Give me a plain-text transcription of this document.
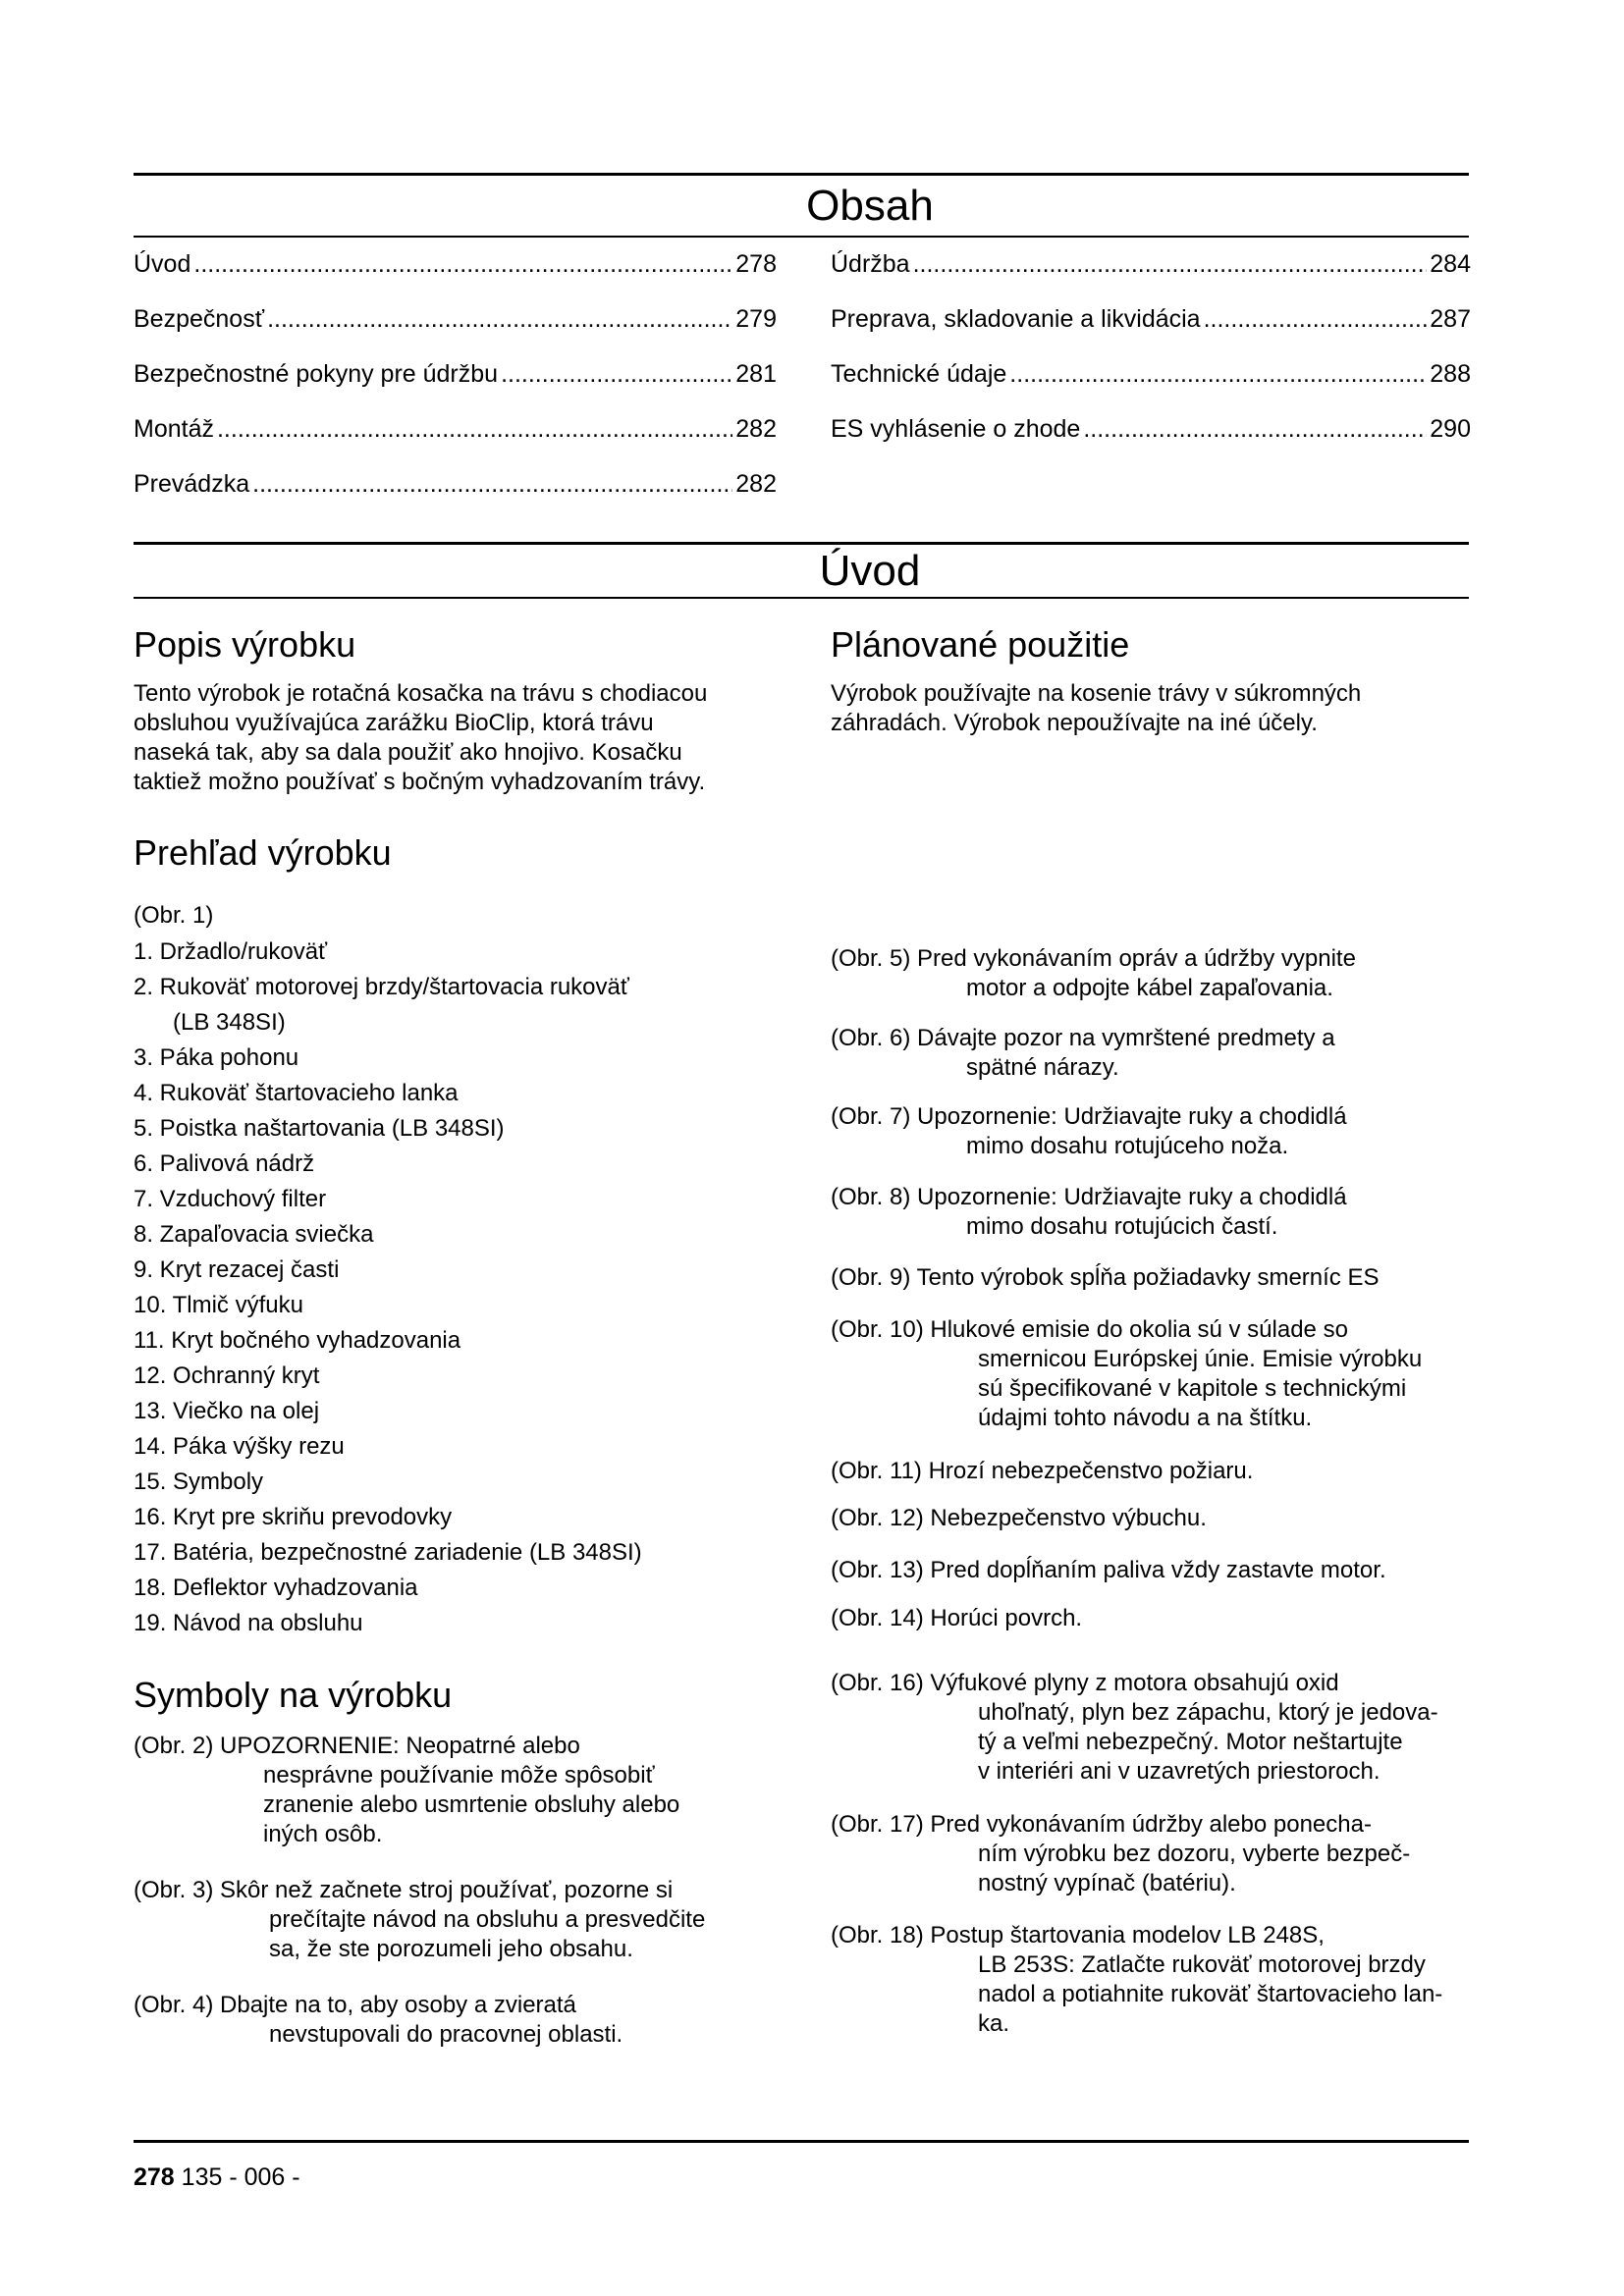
Obsah
Úvod .....	278
Bezpečnosť .....	279
Bezpečnostné pokyny pre údržbu .....	281
Montáž .....	282
Prevádzka .....	282
Údržba .....	284
Preprava, skladovanie a likvidácia .....	287
Technické údaje .....	288
ES vyhlásenie o zhode .....	290
Úvod
Popis výrobku
Tento výrobok je rotačná kosačka na trávu s chodiacou
obsluhou využívajúca zarážku BioClip, ktorá trávu
naseká tak, aby sa dala použiť ako hnojivo. Kosačku
taktiež možno používať s bočným vyhadzovaním trávy.
Plánované použitie
Výrobok používajte na kosenie trávy v súkromných
záhradách. Výrobok nepoužívajte na iné účely.
Prehľad výrobku
(Obr. 1)
1. Držadlo/rukoväť
2. Rukoväť motorovej brzdy/štartovacia rukoväť
(LB 348SI)
3. Páka pohonu
4. Rukoväť štartovacieho lanka
5. Poistka naštartovania (LB 348SI)
6. Palivová nádrž
7. Vzduchový filter
8. Zapaľovacia sviečka
9. Kryt rezacej časti
10. Tlmič výfuku
11. Kryt bočného vyhadzovania
12. Ochranný kryt
13. Viečko na olej
14. Páka výšky rezu
15. Symboly
16. Kryt pre skriňu prevodovky
17. Batéria, bezpečnostné zariadenie (LB 348SI)
18. Deflektor vyhadzovania
19. Návod na obsluhu
Symboly na výrobku
(Obr. 2) UPOZORNENIE: Neopatrné alebo
nesprávne používanie môže spôsobiť
zranenie alebo usmrtenie obsluhy alebo
iných osôb.
(Obr. 3) Skôr než začnete stroj používať, pozorne si
prečítajte návod na obsluhu a presvedčite
sa, že ste porozumeli jeho obsahu.
(Obr. 4) Dbajte na to, aby osoby a zvieratá
nevstupovali do pracovnej oblasti.
(Obr. 5) Pred vykonávaním opráv a údržby vypnite
motor a odpojte kábel zapaľovania.
(Obr. 6) Dávajte pozor na vymrštené predmety a
spätné nárazy.
(Obr. 7) Upozornenie: Udržiavajte ruky a chodidlá
mimo dosahu rotujúceho noža.
(Obr. 8) Upozornenie: Udržiavajte ruky a chodidlá
mimo dosahu rotujúcich častí.
(Obr. 9) Tento výrobok spĺňa požiadavky smerníc ES
(Obr. 10) Hlukové emisie do okolia sú v súlade so
smernicou Európskej únie. Emisie výrobku
sú špecifikované v kapitole s technickými
údajmi tohto návodu a na štítku.
(Obr. 11) Hrozí nebezpečenstvo požiaru.
(Obr. 12) Nebezpečenstvo výbuchu.
(Obr. 13) Pred dopĺňaním paliva vždy zastavte motor.
(Obr. 14) Horúci povrch.
(Obr. 16) Výfukové plyny z motora obsahujú oxid
uhoľnatý, plyn bez zápachu, ktorý je jedova-
tý a veľmi nebezpečný. Motor neštartujte
v interiéri ani v uzavretých priestoroch.
(Obr. 17) Pred vykonávaním údržby alebo ponecha-
ním výrobku bez dozoru, vyberte bezpeč-
nostný vypínač (batériu).
(Obr. 18) Postup štartovania modelov LB 248S,
LB 253S: Zatlačte rukoväť motorovej brzdy
nadol a potiahnite rukoväť štartovacieho lan-
ka.
278 135 - 006 -
